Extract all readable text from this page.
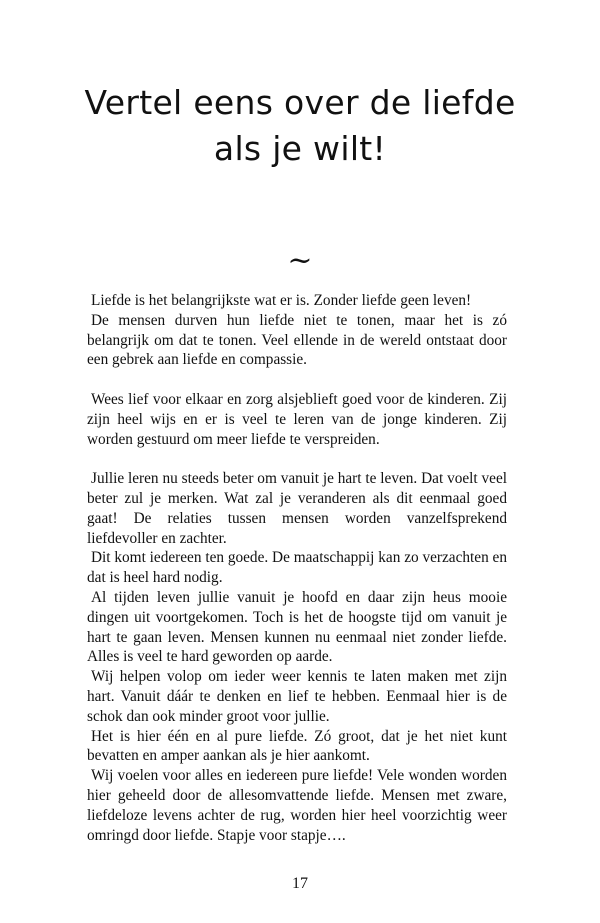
Vertel eens over de liefde
als je wilt!
~

Liefde is het belangrijkste wat er is. Zonder liefde geen leven!

De mensen durven hun liefde niet te tonen, maar het is zó belangrijk om dat te tonen. Veel ellende in de wereld ontstaat door een gebrek aan liefde en compassie.

Wees lief voor elkaar en zorg alsjeblieft goed voor de kinderen. Zij zijn heel wijs en er is veel te leren van de jonge kinderen. Zij worden gestuurd om meer liefde te verspreiden.

Jullie leren nu steeds beter om vanuit je hart te leven. Dat voelt veel beter zul je merken. Wat zal je veranderen als dit eenmaal goed gaat! De relaties tussen mensen worden vanzelfsprekend liefdevoller en zachter.

Dit komt iedereen ten goede. De maatschappij kan zo verzachten en dat is heel hard nodig.

Al tijden leven jullie vanuit je hoofd en daar zijn heus mooie dingen uit voortgekomen. Toch is het de hoogste tijd om vanuit je hart te gaan leven. Mensen kunnen nu eenmaal niet zonder liefde. Alles is veel te hard geworden op aarde.

Wij helpen volop om ieder weer kennis te laten maken met zijn hart. Vanuit dáár te denken en lief te hebben. Eenmaal hier is de schok dan ook minder groot voor jullie.

Het is hier één en al pure liefde. Zó groot, dat je het niet kunt bevatten en amper aankan als je hier aankomt.

Wij voelen voor alles en iedereen pure liefde! Vele wonden worden hier geheeld door de allesomvattende liefde. Mensen met zware, liefdeloze levens achter de rug, worden hier heel voorzichtig weer omringd door liefde. Stapje voor stapje….

17
